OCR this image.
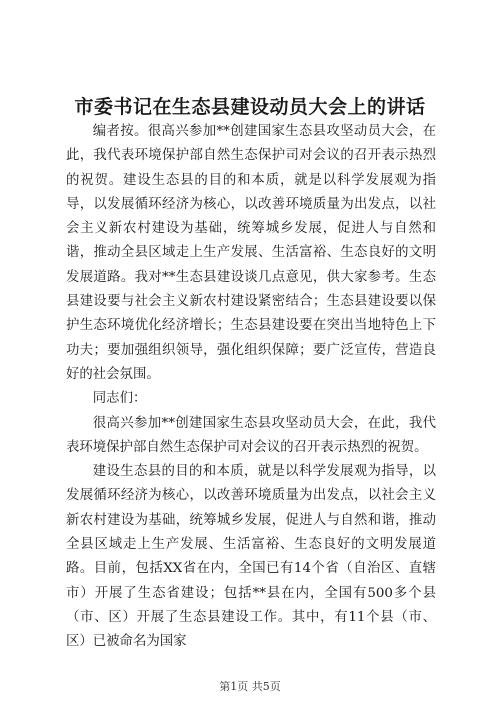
市委书记在生态县建设动员大会上的讲话

编者按。很高兴参加**创建国家生态县攻坚动员大会，在此，我代表环境保护部自然生态保护司对会议的召开表示热烈的祝贺。建设生态县的目的和本质，就是以科学发展观为指导，以发展循环经济为核心，以改善环境质量为出发点，以社会主义新农村建设为基础，统筹城乡发展，促进人与自然和谐，推动全县区域走上生产发展、生活富裕、生态良好的文明发展道路。我对**生态县建设谈几点意见，供大家参考。生态县建设要与社会主义新农村建设紧密结合；生态县建设要以保护生态环境优化经济增长；生态县建设要在突出当地特色上下功夫；要加强组织领导，强化组织保障；要广泛宣传，营造良好的社会氛围。

同志们：

很高兴参加**创建国家生态县攻坚动员大会，在此，我代表环境保护部自然生态保护司对会议的召开表示热烈的祝贺。

建设生态县的目的和本质，就是以科学发展观为指导，以发展循环经济为核心，以改善环境质量为出发点，以社会主义新农村建设为基础，统筹城乡发展，促进人与自然和谐，推动全县区域走上生产发展、生活富裕、生态良好的文明发展道路。目前，包括XX省在内，全国已有14个省（自治区、直辖市）开展了生态省建设；包括**县在内，全国有500多个县（市、区）开展了生态县建设工作。其中，有11个县（市、区）已被命名为国家

第1页 共5页
